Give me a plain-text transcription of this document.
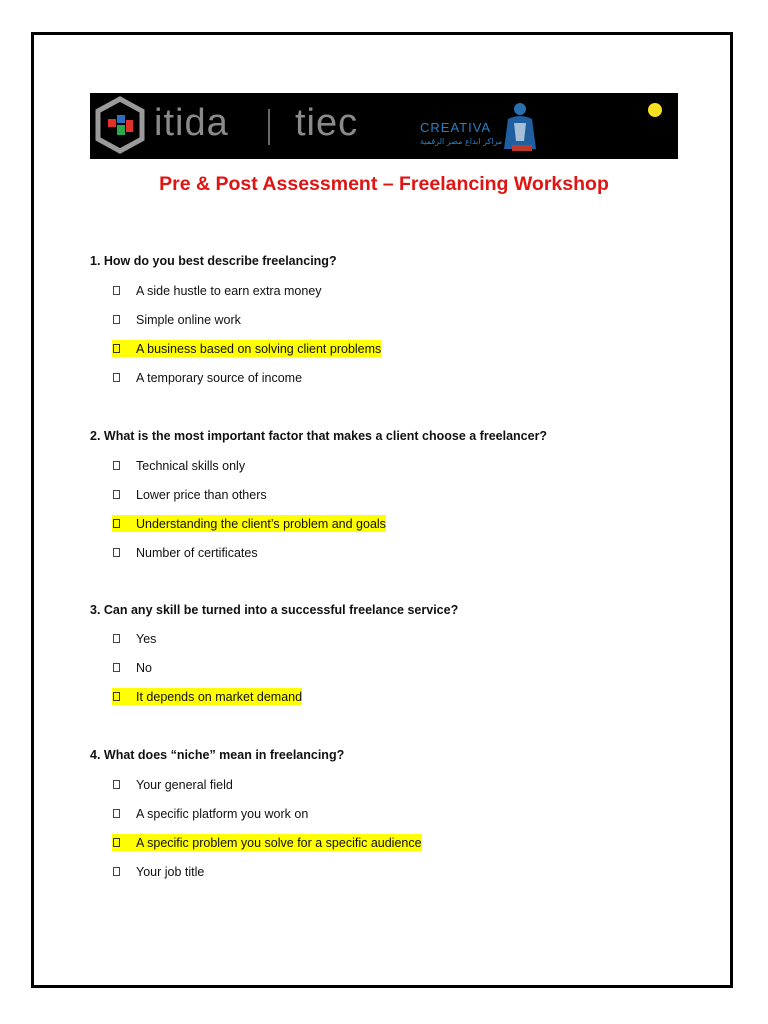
itida tiec	CREATIVA
مراكز ابداع مصر الرقمية
Pre & Post Assessment – Freelancing Workshop
1. How do you best describe freelancing?
A side hustle to earn extra money
Simple online work
A business based on solving client problems
A temporary source of income
2. What is the most important factor that makes a client choose a freelancer?
Technical skills only
Lower price than others
Understanding the client’s problem and goals
Number of certificates
3. Can any skill be turned into a successful freelance service?
Yes
No
It depends on market demand
4. What does “niche” mean in freelancing?
Your general field
A specific platform you work on
A specific problem you solve for a specific audience
Your job title
